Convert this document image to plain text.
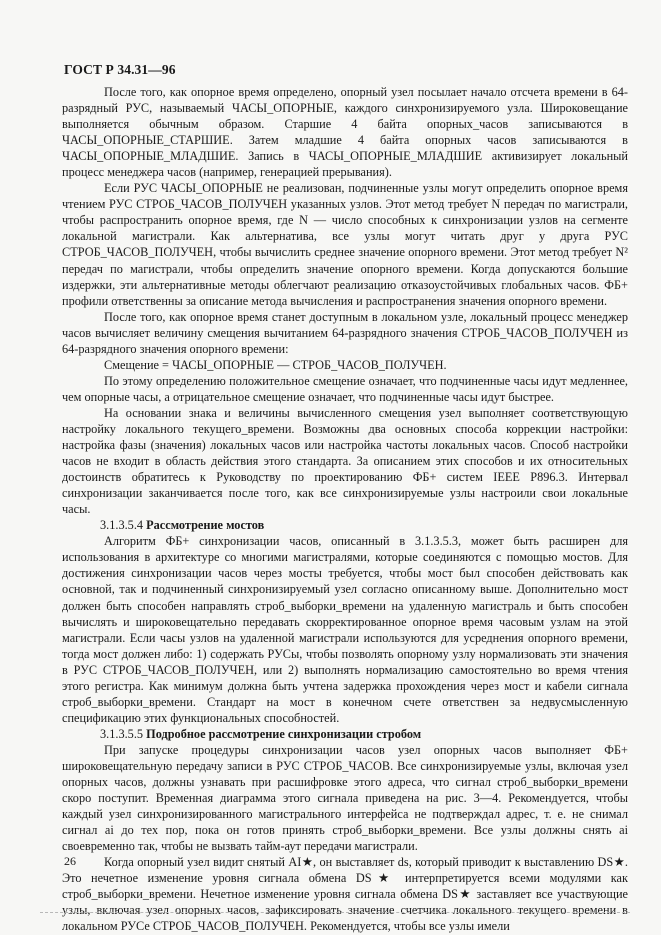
ГОСТ Р 34.31—96

После того, как опорное время определено, опорный узел посылает начало отсчета времени в 64-разрядный РУС, называемый ЧАСЫ_ОПОРНЫЕ, каждого синхронизируемого узла. Широковещание выполняется обычным образом. Старшие 4 байта опорных_часов записываются в ЧАСЫ_ОПОРНЫЕ_СТАРШИЕ. Затем младшие 4 байта опорных часов записываются в ЧАСЫ_ОПОРНЫЕ_МЛАДШИЕ. Запись в ЧАСЫ_ОПОРНЫЕ_МЛАДШИЕ активизирует локальный процесс менеджера часов (например, генерацией прерывания).

Если РУС ЧАСЫ_ОПОРНЫЕ не реализован, подчиненные узлы могут определить опорное время чтением РУС СТРОБ_ЧАСОВ_ПОЛУЧЕН указанных узлов. Этот метод требует N передач по магистрали, чтобы распространить опорное время, где N — число способных к синхронизации узлов на сегменте локальной магистрали. Как альтернатива, все узлы могут читать друг у друга РУС СТРОБ_ЧАСОВ_ПОЛУЧЕН, чтобы вычислить среднее значение опорного времени. Этот метод требует N² передач по магистрали, чтобы определить значение опорного времени. Когда допускаются большие издержки, эти альтернативные методы облегчают реализацию отказоустойчивых глобальных часов. ФБ+ профили ответственны за описание метода вычисления и распространения значения опорного времени.

После того, как опорное время станет доступным в локальном узле, локальный процесс менеджер часов вычисляет величину смещения вычитанием 64-разрядного значения СТРОБ_ЧАСОВ_ПОЛУЧЕН из 64-разрядного значения опорного времени:

Смещение = ЧАСЫ_ОПОРНЫЕ — СТРОБ_ЧАСОВ_ПОЛУЧЕН.

По этому определению положительное смещение означает, что подчиненные часы идут медленнее, чем опорные часы, а отрицательное смещение означает, что подчиненные часы идут быстрее.

На основании знака и величины вычисленного смещения узел выполняет соответствующую настройку локального текущего_времени. Возможны два основных способа коррекции настройки: настройка фазы (значения) локальных часов или настройка частоты локальных часов. Способ настройки часов не входит в область действия этого стандарта. За описанием этих способов и их относительных достоинств обратитесь к Руководству по проектированию ФБ+ систем IEEE P896.3. Интервал синхронизации заканчивается после того, как все синхронизируемые узлы настроили свои локальные часы.

3.1.3.5.4 Рассмотрение мостов

Алгоритм ФБ+ синхронизации часов, описанный в 3.1.3.5.3, может быть расширен для использования в архитектуре со многими магистралями, которые соединяются с помощью мостов. Для достижения синхронизации часов через мосты требуется, чтобы мост был способен действовать как основной, так и подчиненный синхронизируемый узел согласно описанному выше. Дополнительно мост должен быть способен направлять строб_выборки_времени на удаленную магистраль и быть способен вычислять и широковещательно передавать скорректированное опорное время часовым узлам на этой магистрали. Если часы узлов на удаленной магистрали используются для усреднения опорного времени, тогда мост должен либо: 1) содержать РУСы, чтобы позволять опорному узлу нормализовать эти значения в РУС СТРОБ_ЧАСОВ_ПОЛУЧЕН, или 2) выполнять нормализацию самостоятельно во время чтения этого регистра. Как минимум должна быть учтена задержка прохождения через мост и кабели сигнала строб_выборки_времени. Стандарт на мост в конечном счете ответствен за недвусмысленную спецификацию этих функциональных способностей.

3.1.3.5.5 Подробное рассмотрение синхронизации стробом

При запуске процедуры синхронизации часов узел опорных часов выполняет ФБ+ широковещательную передачу записи в РУС СТРОБ_ЧАСОВ. Все синхронизируемые узлы, включая узел опорных часов, должны узнавать при расшифровке этого адреса, что сигнал строб_выборки_времени скоро поступит. Временная диаграмма этого сигнала приведена на рис. 3—4. Рекомендуется, чтобы каждый узел синхронизированного магистрального интерфейса не подтверждал адрес, т. е. не снимал сигнал ai до тех пор, пока он готов принять строб_выборки_времени. Все узлы должны снять ai своевременно так, чтобы не вызвать тайм-аут передачи магистрали.

Когда опорный узел видит снятый AI★, он выставляет ds, который приводит к выставлению DS★. Это нечетное изменение уровня сигнала обмена DS★ интерпретируется всеми модулями как строб_выборки_времени. Нечетное изменение уровня сигнала обмена DS★ заставляет все участвующие узлы, включая узел опорных часов, зафиксировать значение счетчика локального текущего времени в локальном РУСе СТРОБ_ЧАСОВ_ПОЛУЧЕН. Рекомендуется, чтобы все узлы имели

26
